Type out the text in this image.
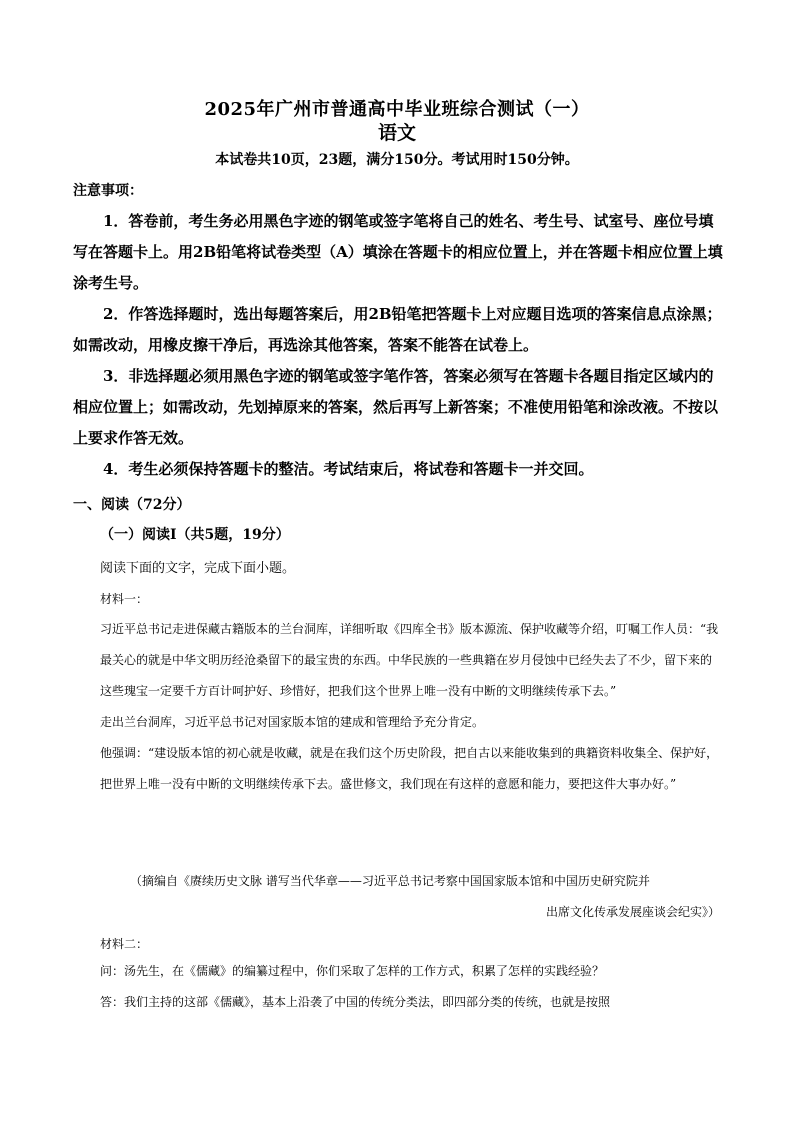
2025年广州市普通高中毕业班综合测试（一）
语文
本试卷共10页，23题，满分150分。考试用时150分钟。
注意事项：

1．答卷前，考生务必用黑色字迹的钢笔或签字笔将自己的姓名、考生号、试室号、座位号填写在答题卡上。用2B铅笔将试卷类型（A）填涂在答题卡的相应位置上，并在答题卡相应位置上填涂考生号。

2．作答选择题时，选出每题答案后，用2B铅笔把答题卡上对应题目选项的答案信息点涂黑；如需改动，用橡皮擦干净后，再选涂其他答案，答案不能答在试卷上。

3．非选择题必须用黑色字迹的钢笔或签字笔作答，答案必须写在答题卡各题目指定区域内的相应位置上；如需改动，先划掉原来的答案，然后再写上新答案；不准使用铅笔和涂改液。不按以上要求作答无效。

4．考生必须保持答题卡的整洁。考试结束后，将试卷和答题卡一并交回。

一、阅读（72分）
（一）阅读Ⅰ（共5题，19分）
阅读下面的文字，完成下面小题。
材料一：

习近平总书记走进保藏古籍版本的兰台洞库，详细听取《四库全书》版本源流、保护收藏等介绍，叮嘱工作人员：“我最关心的就是中华文明历经沧桑留下的最宝贵的东西。中华民族的一些典籍在岁月侵蚀中已经失去了不少，留下来的这些瑰宝一定要千方百计呵护好、珍惜好，把我们这个世界上唯一没有中断的文明继续传承下去。”

走出兰台洞库，习近平总书记对国家版本馆的建成和管理给予充分肯定。

他强调：“建设版本馆的初心就是收藏，就是在我们这个历史阶段，把自古以来能收集到的典籍资料收集全、保护好，把世界上唯一没有中断的文明继续传承下去。盛世修文，我们现在有这样的意愿和能力，要把这件大事办好。”

（摘编自《赓续历史文脉 谱写当代华章——习近平总书记考察中国国家版本馆和中国历史研究院并
出席文化传承发展座谈会纪实》）
材料二：

问：汤先生，在《儒藏》的编纂过程中，你们采取了怎样的工作方式，积累了怎样的实践经验？

答：我们主持的这部《儒藏》，基本上沿袭了中国的传统分类法，即四部分类的传统，也就是按照
